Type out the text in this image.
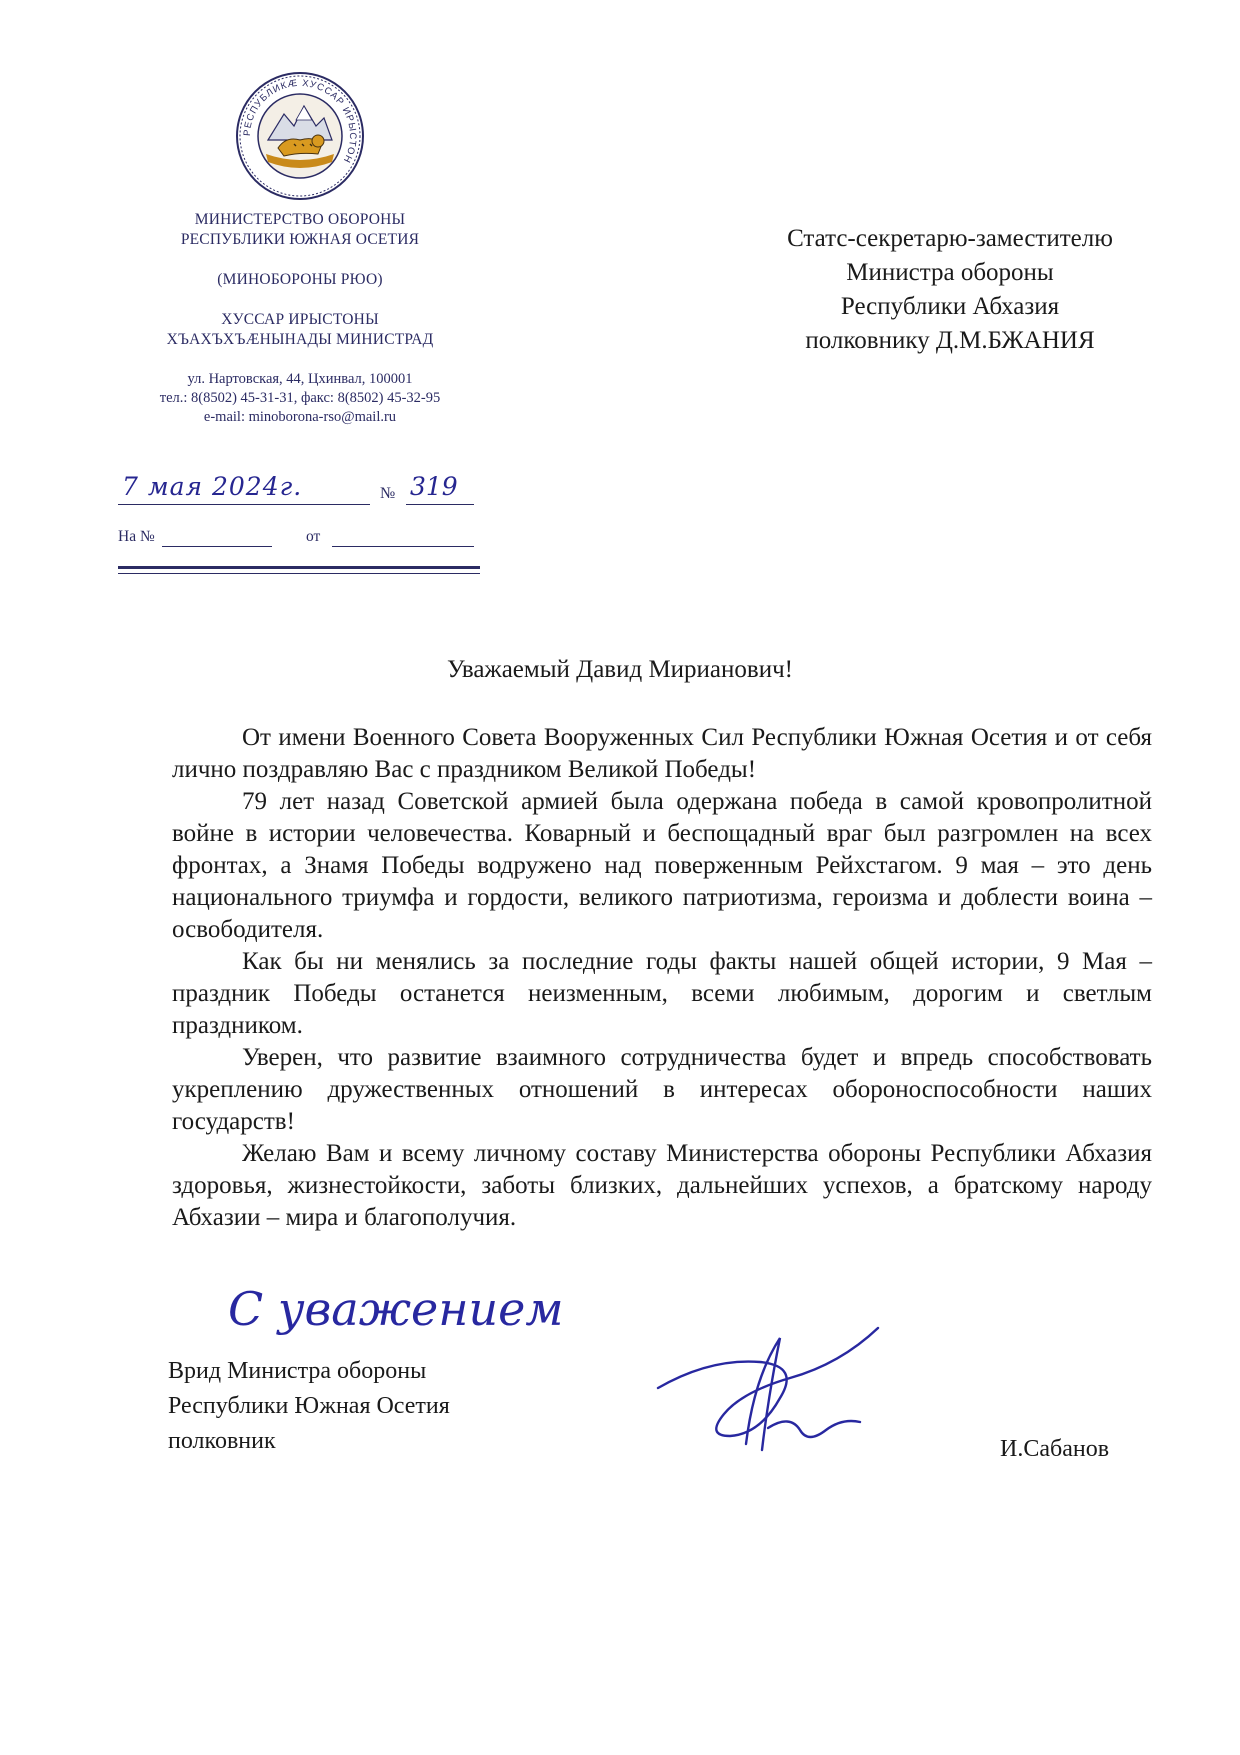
РЕСПУБЛИКӔ ХУССАР ИРЫСТОН
МИНИСТЕРСТВО ОБОРОНЫ
РЕСПУБЛИКИ ЮЖНАЯ ОСЕТИЯ
(МИНОБОРОНЫ РЮО)
ХУССАР ИРЫСТОНЫ
ХЪАХЪХЪӔНЫНАДЫ МИНИСТРАД
ул. Нартовская, 44, Цхинвал, 100001
тел.: 8(8502) 45-31-31, факс: 8(8502) 45-32-95
e-mail: minoborona-rso@mail.ru
7 мая 2024г.	№ 319
На №	от
Статс-секретарю-заместителю
Министра обороны
Республики Абхазия
полковнику Д.М.БЖАНИЯ
Уважаемый Давид Мирианович!

От имени Военного Совета Вооруженных Сил Республики Южная Осетия и от себя лично поздравляю Вас с праздником Великой Победы!

79 лет назад Советской армией была одержана победа в самой кровопролитной войне в истории человечества. Коварный и беспощадный враг был разгромлен на всех фронтах, а Знамя Победы водружено над поверженным Рейхстагом. 9 мая – это день национального триумфа и гордости, великого патриотизма, героизма и доблести воина – освободителя.

Как бы ни менялись за последние годы факты нашей общей истории, 9 Мая – праздник Победы останется неизменным, всеми любимым, дорогим и светлым праздником.

Уверен, что развитие взаимного сотрудничества будет и впредь способствовать укреплению дружественных отношений в интересах обороноспособности наших государств!

Желаю Вам и всему личному составу Министерства обороны Республики Абхазия здоровья, жизнестойкости, заботы близких, дальнейших успехов, а братскому народу Абхазии – мира и благополучия.

С уважением
Врид Министра обороны
Республики Южная Осетия
полковник	И.Сабанов
